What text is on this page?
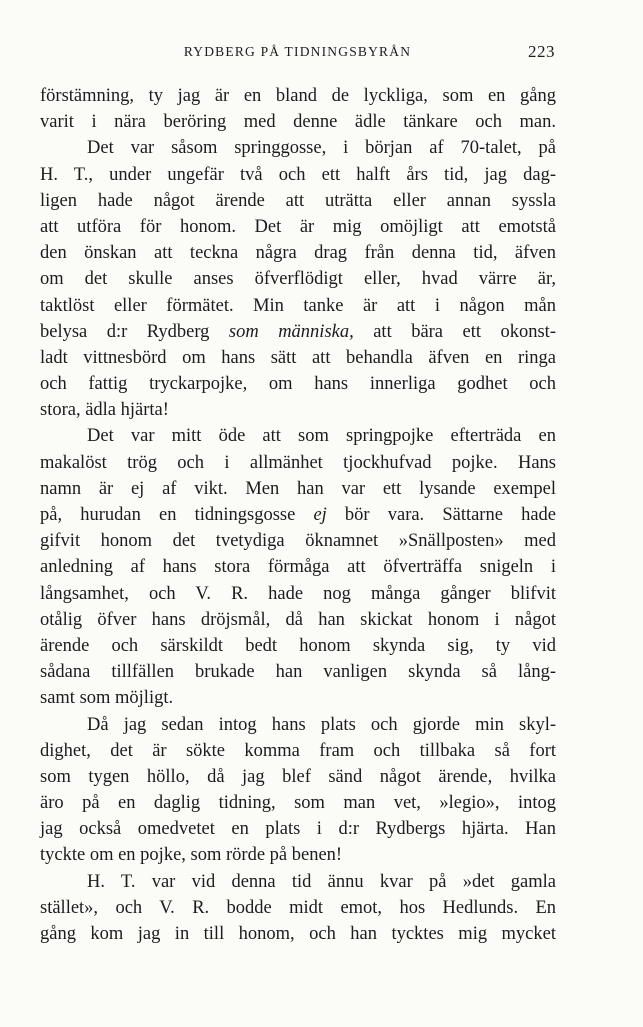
RYDBERG PÅ TIDNINGSBYRÅN	223
förstämning, ty jag är en bland de lyckliga, som en gång
varit i nära beröring med denne ädle tänkare och man.
Det var såsom springgosse, i början af 70-talet, på
H. T., under ungefär två och ett halft års tid, jag dag-
ligen hade något ärende att uträtta eller annan syssla
att utföra för honom. Det är mig omöjligt att emotstå
den önskan att teckna några drag från denna tid, äfven
om det skulle anses öfverflödigt eller, hvad värre är,
taktlöst eller förmätet. Min tanke är att i någon mån
belysa d:r Rydberg som människa, att bära ett okonst-
ladt vittnesbörd om hans sätt att behandla äfven en ringa
och fattig tryckarpojke, om hans innerliga godhet och
stora, ädla hjärta!
Det var mitt öde att som springpojke efterträda en
makalöst trög och i allmänhet tjockhufvad pojke. Hans
namn är ej af vikt. Men han var ett lysande exempel
på, hurudan en tidningsgosse ej bör vara. Sättarne hade
gifvit honom det tvetydiga öknamnet »Snällposten» med
anledning af hans stora förmåga att öfverträffa snigeln i
långsamhet, och V. R. hade nog många gånger blifvit
otålig öfver hans dröjsmål, då han skickat honom i något
ärende och särskildt bedt honom skynda sig, ty vid
sådana tillfällen brukade han vanligen skynda så lång-
samt som möjligt.
Då jag sedan intog hans plats och gjorde min skyl-
dighet, det är sökte komma fram och tillbaka så fort
som tygen höllo, då jag blef sänd något ärende, hvilka
äro på en daglig tidning, som man vet, »legio», intog
jag också omedvetet en plats i d:r Rydbergs hjärta. Han
tyckte om en pojke, som rörde på benen!
H. T. var vid denna tid ännu kvar på »det gamla
stället», och V. R. bodde midt emot, hos Hedlunds. En
gång kom jag in till honom, och han tycktes mig mycket
